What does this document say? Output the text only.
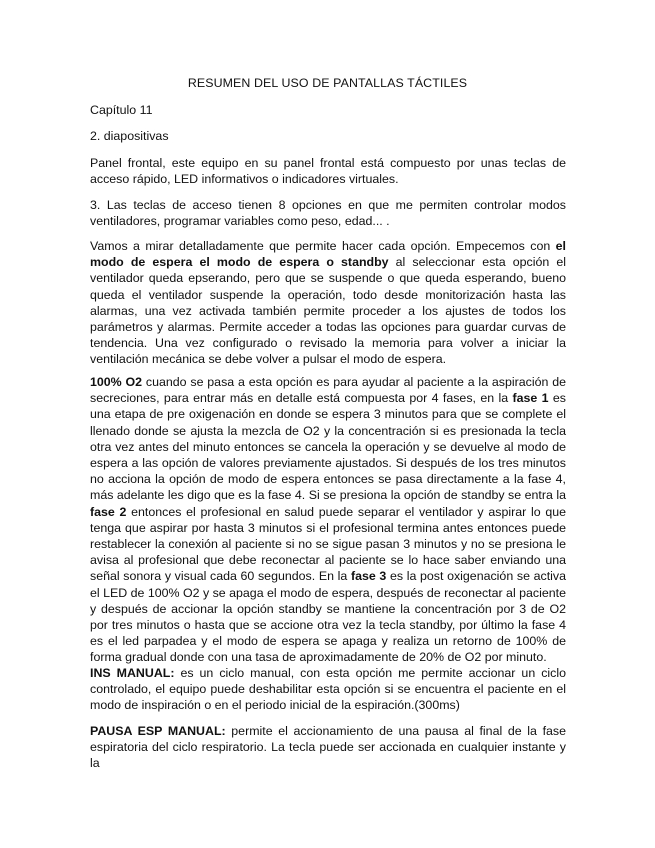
RESUMEN DEL USO DE PANTALLAS TÁCTILES

Capítulo 11

2. diapositivas

Panel frontal, este equipo en su panel frontal está compuesto por unas teclas de acceso rápido, LED informativos o indicadores virtuales.

3. Las teclas de acceso tienen 8 opciones en que me permiten controlar modos ventiladores, programar variables como peso, edad... .

Vamos a mirar detalladamente que permite hacer cada opción. Empecemos con el modo de espera el modo de espera o standby al seleccionar esta opción el ventilador queda epserando, pero que se suspende o que queda esperando, bueno queda el ventilador suspende la operación, todo desde monitorización hasta las alarmas, una vez activada también permite proceder a los ajustes de todos los parámetros y alarmas. Permite acceder a todas las opciones para guardar curvas de tendencia. Una vez configurado o revisado la memoria para volver a iniciar la ventilación mecánica se debe volver a pulsar el modo de espera.

100% O2 cuando se pasa a esta opción es para ayudar al paciente a la aspiración de secreciones, para entrar más en detalle está compuesta por 4 fases, en la fase 1 es una etapa de pre oxigenación en donde se espera 3 minutos para que se complete el llenado donde se ajusta la mezcla de O2 y la concentración si es presionada la tecla otra vez antes del minuto entonces se cancela la operación y se devuelve al modo de espera a las opción de valores previamente ajustados. Si después de los tres minutos no acciona la opción de modo de espera entonces se pasa directamente a la fase 4, más adelante les digo que es la fase 4. Si se presiona la opción de standby se entra la fase 2 entonces el profesional en salud puede separar el ventilador y aspirar lo que tenga que aspirar por hasta 3 minutos si el profesional termina antes entonces puede restablecer la conexión al paciente si no se sigue pasan 3 minutos y no se presiona le avisa al profesional que debe reconectar al paciente se lo hace saber enviando una señal sonora y visual cada 60 segundos. En la fase 3 es la post oxigenación se activa el LED de 100% O2 y se apaga el modo de espera, después de reconectar al paciente y después de accionar la opción standby se mantiene la concentración por 3 de O2 por tres minutos o hasta que se accione otra vez la tecla standby, por último la fase 4 es el led parpadea y el modo de espera se apaga y realiza un retorno de 100% de forma gradual donde con una tasa de aproximadamente de 20% de O2 por minuto.

INS MANUAL: es un ciclo manual, con esta opción me permite accionar un ciclo controlado, el equipo puede deshabilitar esta opción si se encuentra el paciente en el modo de inspiración o en el periodo inicial de la espiración.(300ms)

PAUSA ESP MANUAL: permite el accionamiento de una pausa al final de la fase espiratoria del ciclo respiratorio. La tecla puede ser accionada en cualquier instante y la
